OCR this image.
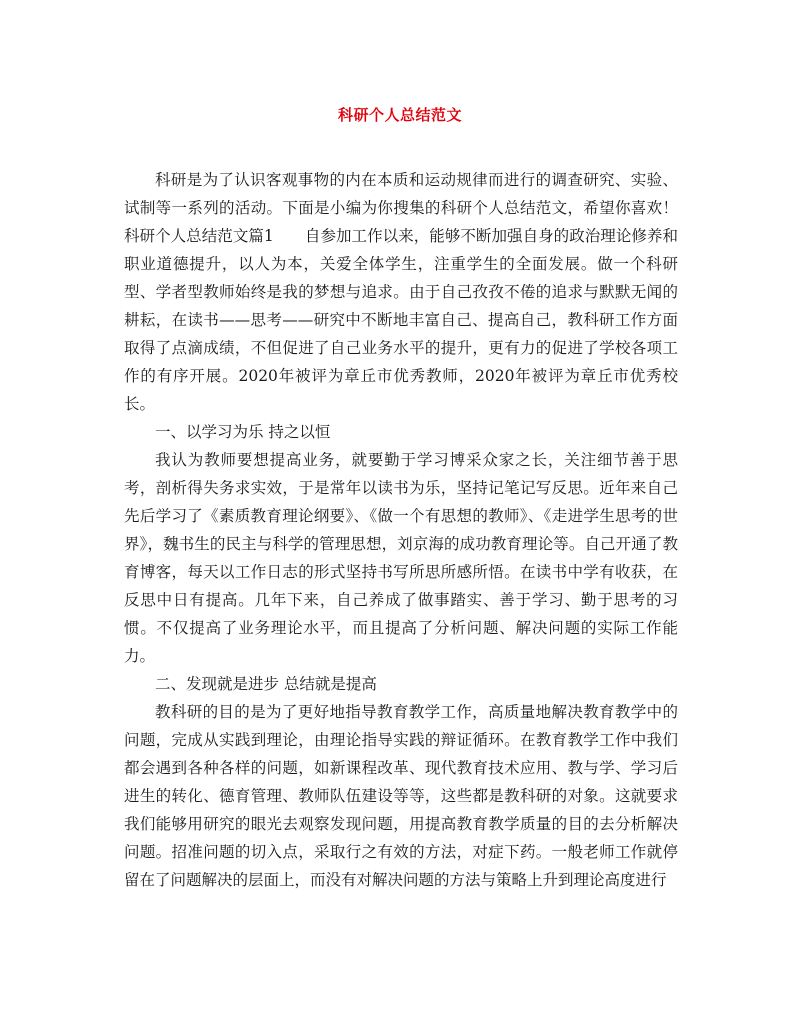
科研个人总结范文

科研是为了认识客观事物的内在本质和运动规律而进行的调查研究、实验、试制等一系列的活动。下面是小编为你搜集的科研个人总结范文，希望你喜欢！科研个人总结范文篇1　　自参加工作以来，能够不断加强自身的政治理论修养和职业道德提升，以人为本，关爱全体学生，注重学生的全面发展。做一个科研型、学者型教师始终是我的梦想与追求。由于自己孜孜不倦的追求与默默无闻的耕耘，在读书——思考——研究中不断地丰富自己、提高自己，教科研工作方面取得了点滴成绩，不但促进了自己业务水平的提升，更有力的促进了学校各项工作的有序开展。2020年被评为章丘市优秀教师，2020年被评为章丘市优秀校长。

一、以学习为乐 持之以恒

我认为教师要想提高业务，就要勤于学习博采众家之长，关注细节善于思考，剖析得失务求实效，于是常年以读书为乐，坚持记笔记写反思。近年来自己先后学习了《素质教育理论纲要》、《做一个有思想的教师》、《走进学生思考的世界》，魏书生的民主与科学的管理思想，刘京海的成功教育理论等。自己开通了教育博客，每天以工作日志的形式坚持书写所思所感所悟。在读书中学有收获，在反思中日有提高。几年下来，自己养成了做事踏实、善于学习、勤于思考的习惯。不仅提高了业务理论水平，而且提高了分析问题、解决问题的实际工作能力。

二、发现就是进步 总结就是提高

教科研的目的是为了更好地指导教育教学工作，高质量地解决教育教学中的问题，完成从实践到理论，由理论指导实践的辩证循环。在教育教学工作中我们都会遇到各种各样的问题，如新课程改革、现代教育技术应用、教与学、学习后进生的转化、德育管理、教师队伍建设等等，这些都是教科研的对象。这就要求我们能够用研究的眼光去观察发现问题，用提高教育教学质量的目的去分析解决问题。招准问题的切入点，采取行之有效的方法，对症下药。一般老师工作就停留在了问题解决的层面上，而没有对解决问题的方法与策略上升到理论高度进行
